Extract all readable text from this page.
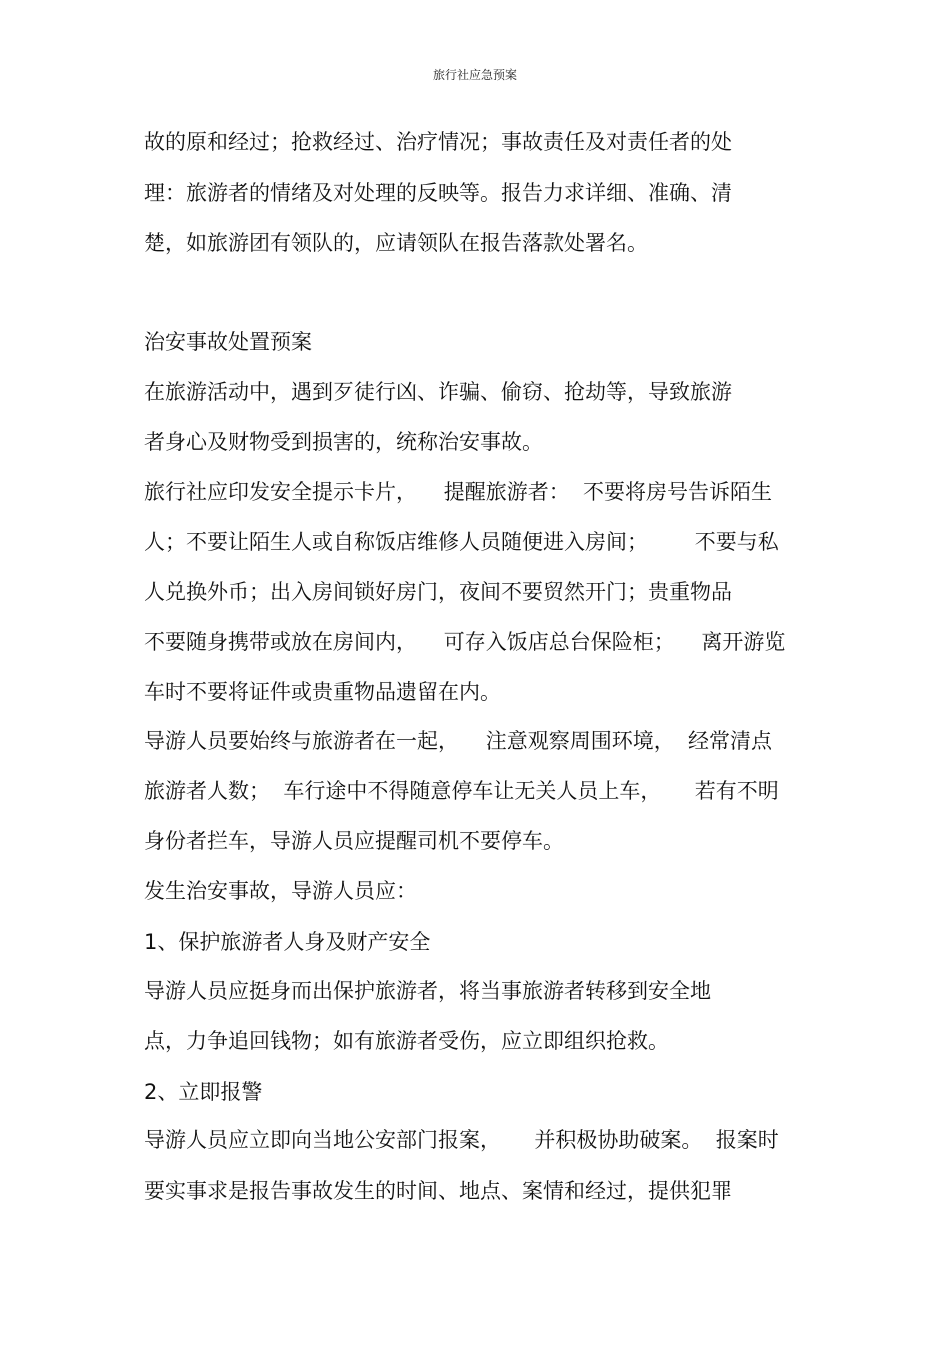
旅行社应急预案
故的原和经过；抢救经过、治疗情况；事故责任及对责任者的处
理：旅游者的情绪及对处理的反映等。报告力求详细、准确、清
楚，如旅游团有领队的，应请领队在报告落款处署名。
治安事故处置预案
在旅游活动中，遇到歹徒行凶、诈骗、偷窃、抢劫等，导致旅游
者身心及财物受到损害的，统称治安事故。
旅行社应印发安全提示卡片，    提醒旅游者：  不要将房号告诉陌生
人；不要让陌生人或自称饭店维修人员随便进入房间；       不要与私
人兑换外币；出入房间锁好房门，夜间不要贸然开门；贵重物品
不要随身携带或放在房间内，    可存入饭店总台保险柜；    离开游览
车时不要将证件或贵重物品遗留在内。
导游人员要始终与旅游者在一起，    注意观察周围环境，  经常清点
旅游者人数；  车行途中不得随意停车让无关人员上车，     若有不明
身份者拦车，导游人员应提醒司机不要停车。
发生治安事故，导游人员应：
1、保护旅游者人身及财产安全
导游人员应挺身而出保护旅游者，将当事旅游者转移到安全地
点，力争追回钱物；如有旅游者受伤，应立即组织抢救。
2、立即报警
导游人员应立即向当地公安部门报案，     并积极协助破案。  报案时
要实事求是报告事故发生的时间、地点、案情和经过，提供犯罪
